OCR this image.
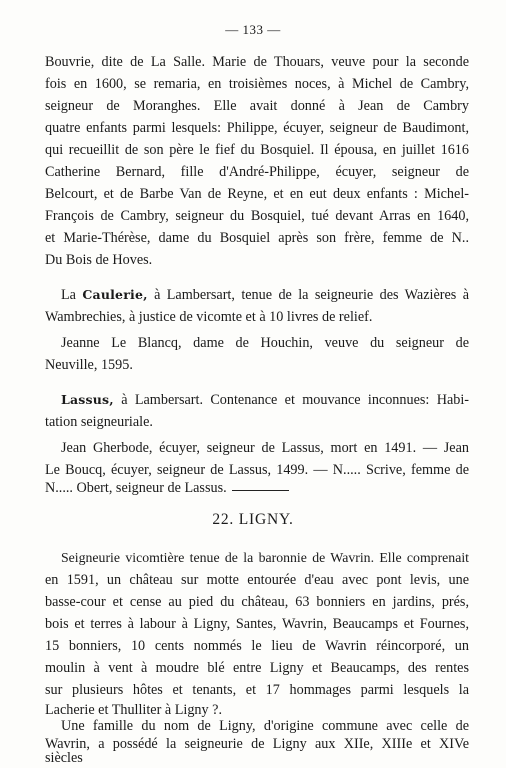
— 133 —
Bouvrie, dite de La Salle. Marie de Thouars, veuve pour la seconde
fois en 1600, se remaria, en troisièmes noces, à Michel de Cambry,
seigneur de Moranghes. Elle avait donné à Jean de Cambry
quatre enfants parmi lesquels: Philippe, écuyer, seigneur de Baudimont,
qui recueillit de son père le fief du Bosquiel. Il épousa, en juillet 1616
Catherine Bernard, fille d'André-Philippe, écuyer, seigneur de
Belcourt, et de Barbe Van de Reyne, et en eut deux enfants : Michel-
François de Cambry, seigneur du Bosquiel, tué devant Arras en 1640,
et Marie-Thérèse, dame du Bosquiel après son frère, femme de N..
Du Bois de Hoves.
La Caulerie, à Lambersart, tenue de la seigneurie des Wazières à
Wambrechies, à justice de vicomte et à 10 livres de relief.
Jeanne Le Blancq, dame de Houchin, veuve du seigneur de
Neuville, 1595.
Lassus, à Lambersart. Contenance et mouvance inconnues: Habi-
tation seigneuriale.
Jean Gherbode, écuyer, seigneur de Lassus, mort en 1491. — Jean
Le Boucq, écuyer, seigneur de Lassus, 1499. — N..... Scrive, femme de
N..... Obert, seigneur de Lassus.
22. LIGNY.
Seigneurie vicomtière tenue de la baronnie de Wavrin. Elle comprenait
en 1591, un château sur motte entourée d'eau avec pont levis, une
basse-cour et cense au pied du château, 63 bonniers en jardins, prés,
bois et terres à labour à Ligny, Santes, Wavrin, Beaucamps et Fournes,
15 bonniers, 10 cents nommés le lieu de Wavrin réincorporé, un
moulin à vent à moudre blé entre Ligny et Beaucamps, des rentes
sur plusieurs hôtes et tenants, et 17 hommages parmi lesquels la
Lacherie et Thulliter à Ligny ?.
Une famille du nom de Ligny, d'origine commune avec celle de
Wavrin, a possédé la seigneurie de Ligny aux XIIe, XIIIe et XIVe
siècles
